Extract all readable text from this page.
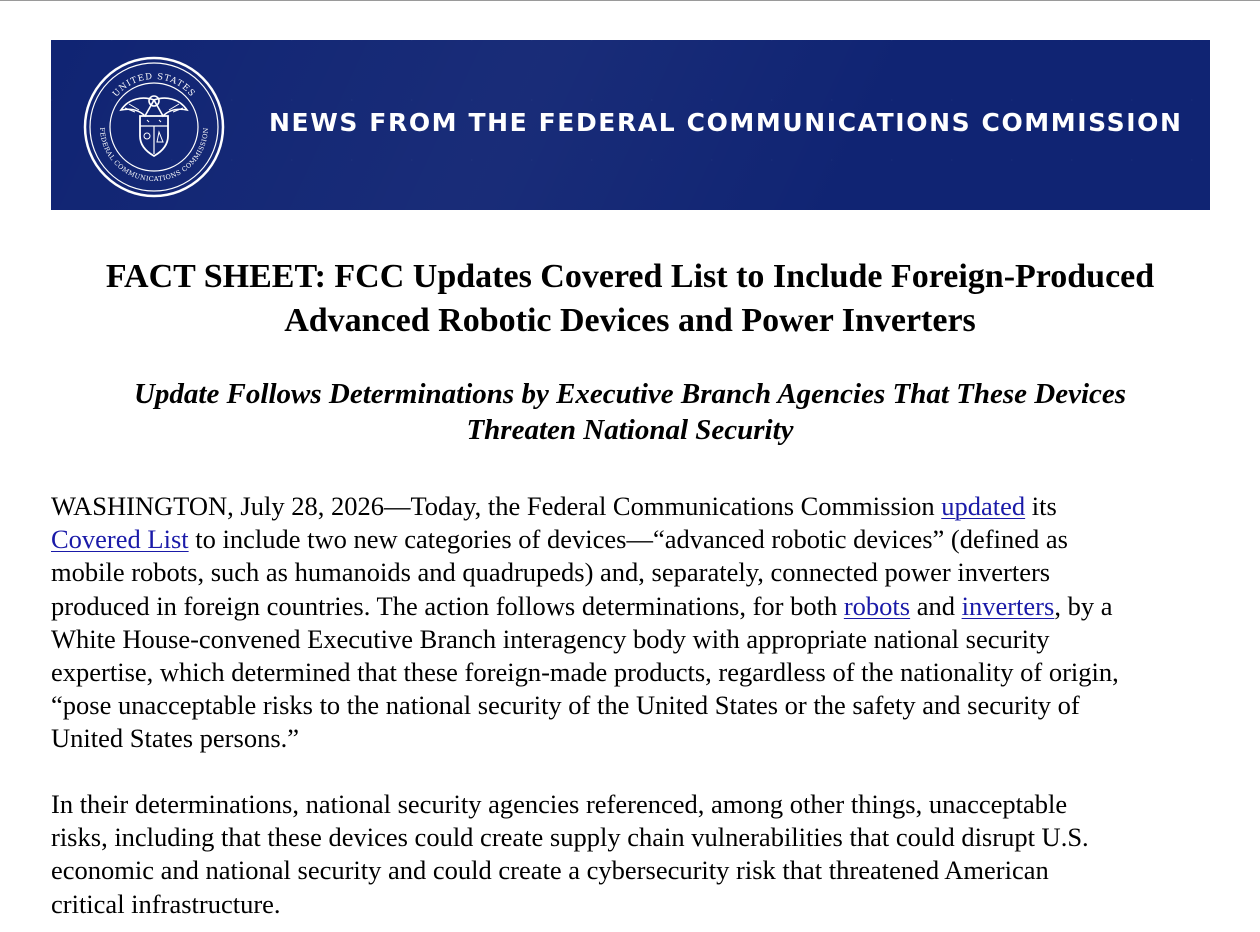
UNITED STATES
FEDERAL COMMUNICATIONS COMMISSION NEWS FROM THE FEDERAL COMMUNICATIONS COMMISSION
FACT SHEET: FCC Updates Covered List to Include Foreign-Produced
Advanced Robotic Devices and Power Inverters
Update Follows Determinations by Executive Branch Agencies That These Devices
Threaten National Security

WASHINGTON, July 28, 2026—Today, the Federal Communications Commission updated its
Covered List to include two new categories of devices—“advanced robotic devices” (defined as
mobile robots, such as humanoids and quadrupeds) and, separately, connected power inverters
produced in foreign countries. The action follows determinations, for both robots and inverters, by a
White House-convened Executive Branch interagency body with appropriate national security
expertise, which determined that these foreign-made products, regardless of the nationality of origin,
“pose unacceptable risks to the national security of the United States or the safety and security of
United States persons.”

In their determinations, national security agencies referenced, among other things, unacceptable
risks, including that these devices could create supply chain vulnerabilities that could disrupt U.S.
economic and national security and could create a cybersecurity risk that threatened American
critical infrastructure.
